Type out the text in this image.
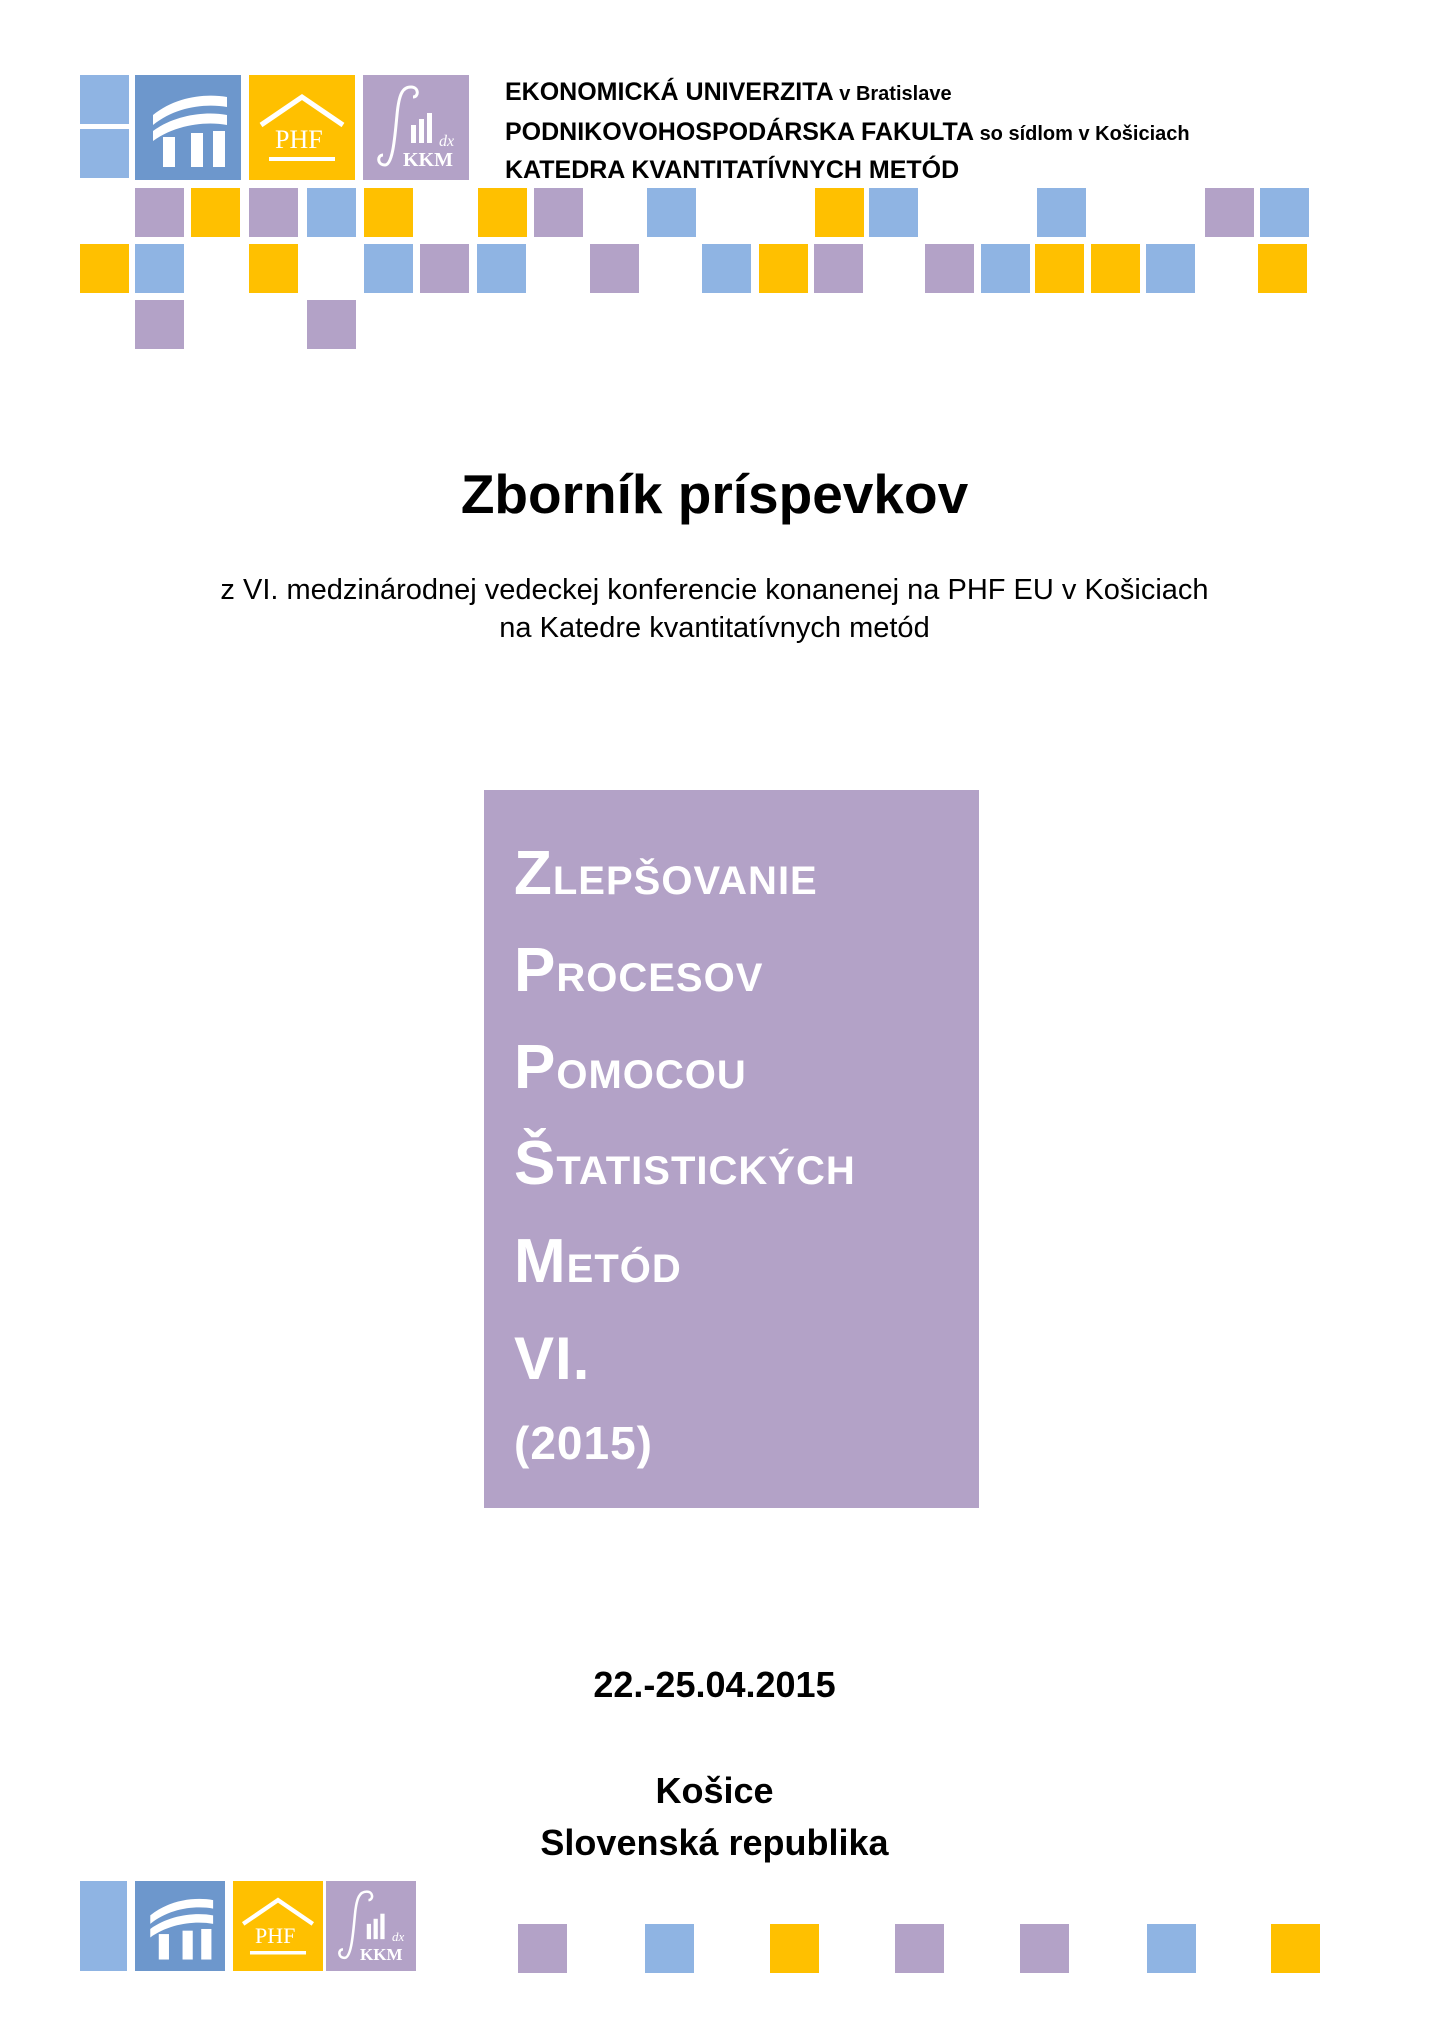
PHF	dx
KKM
EKONOMICKÁ UNIVERZITA v Bratislave
PODNIKOVOHOSPODÁRSKA FAKULTA so sídlom v Košiciach
KATEDRA KVANTITATÍVNYCH METÓD
Zborník príspevkov
z VI. medzinárodnej vedeckej konferencie konanenej na PHF EU v Košiciach
na Katedre kvantitatívnych metód
ZLEPŠOVANIE
PROCESOV
POMOCOU
ŠTATISTICKÝCH
METÓD
VI.
(2015)
22.-25.04.2015
Košice
Slovenská republika
PHF	dx
KKM
